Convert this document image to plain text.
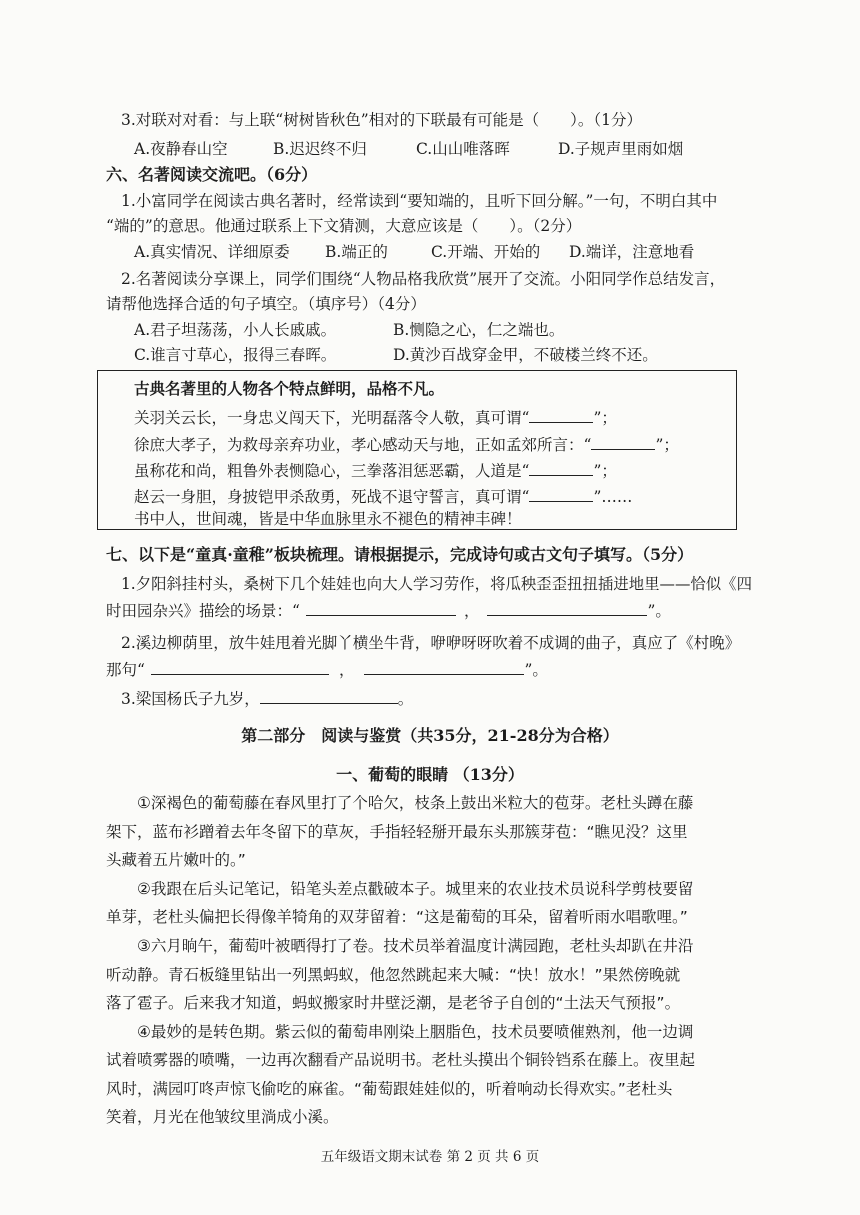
3.对联对对看：与上联“树树皆秋色”相对的下联最有可能是（　　）。（1分）
A.夜静春山空	B.迟迟终不归	C.山山唯落晖	D.子规声里雨如烟
六、名著阅读交流吧。（6分）
1.小富同学在阅读古典名著时，经常读到“要知端的，且听下回分解。”一句，不明白其中
“端的”的意思。他通过联系上下文猜测，大意应该是（　　）。（2分）
A.真实情况、详细原委	B.端正的	C.开端、开始的	D.端详，注意地看
2.名著阅读分享课上，同学们围绕“人物品格我欣赏”展开了交流。小阳同学作总结发言，
请帮他选择合适的句子填空。（填序号）（4分）
A.君子坦荡荡，小人长戚戚。	B.恻隐之心，仁之端也。
C.谁言寸草心，报得三春晖。	D.黄沙百战穿金甲，不破楼兰终不还。
古典名著里的人物各个特点鲜明，品格不凡。
关羽关云长，一身忠义闯天下，光明磊落令人敬，真可谓“	”；
徐庶大孝子，为救母亲弃功业，孝心感动天与地，正如孟郊所言：“	”；
虽称花和尚，粗鲁外表恻隐心，三拳落泪惩恶霸，人道是“	”；
赵云一身胆，身披铠甲杀敌勇，死战不退守誓言，真可谓“	”……
书中人，世间魂，皆是中华血脉里永不褪色的精神丰碑！
七、以下是“童真·童稚”板块梳理。请根据提示，完成诗句或古文句子填写。（5分）
1.夕阳斜挂村头，桑树下几个娃娃也向大人学习劳作，将瓜秧歪歪扭扭插进地里——恰似《四
时田园杂兴》描绘的场景：“	，	”。
2.溪边柳荫里，放牛娃甩着光脚丫横坐牛背，咿咿呀呀吹着不成调的曲子，真应了《村晚》
那句“	，	”。
3.梁国杨氏子九岁，	。
第二部分　阅读与鉴赏（共35分，21-28分为合格）
一、葡萄的眼睛 （13分）
①深褐色的葡萄藤在春风里打了个哈欠，枝条上鼓出米粒大的苞芽。老杜头蹲在藤
架下，蓝布衫蹭着去年冬留下的草灰，手指轻轻掰开最东头那簇芽苞：“瞧见没？这里
头藏着五片嫩叶的。”
②我跟在后头记笔记，铅笔头差点戳破本子。城里来的农业技术员说科学剪枝要留
单芽，老杜头偏把长得像羊犄角的双芽留着：“这是葡萄的耳朵，留着听雨水唱歌哩。”
③六月晌午，葡萄叶被晒得打了卷。技术员举着温度计满园跑，老杜头却趴在井沿
听动静。青石板缝里钻出一列黑蚂蚁，他忽然跳起来大喊：“快！放水！”果然傍晚就
落了雹子。后来我才知道，蚂蚁搬家时井壁泛潮，是老爷子自创的“土法天气预报”。
④最妙的是转色期。紫云似的葡萄串刚染上胭脂色，技术员要喷催熟剂，他一边调
试着喷雾器的喷嘴，一边再次翻看产品说明书。老杜头摸出个铜铃铛系在藤上。夜里起
风时，满园叮咚声惊飞偷吃的麻雀。“葡萄跟娃娃似的，听着响动长得欢实。”老杜头
笑着，月光在他皱纹里淌成小溪。
五年级语文期末试卷 第 2 页 共 6 页
